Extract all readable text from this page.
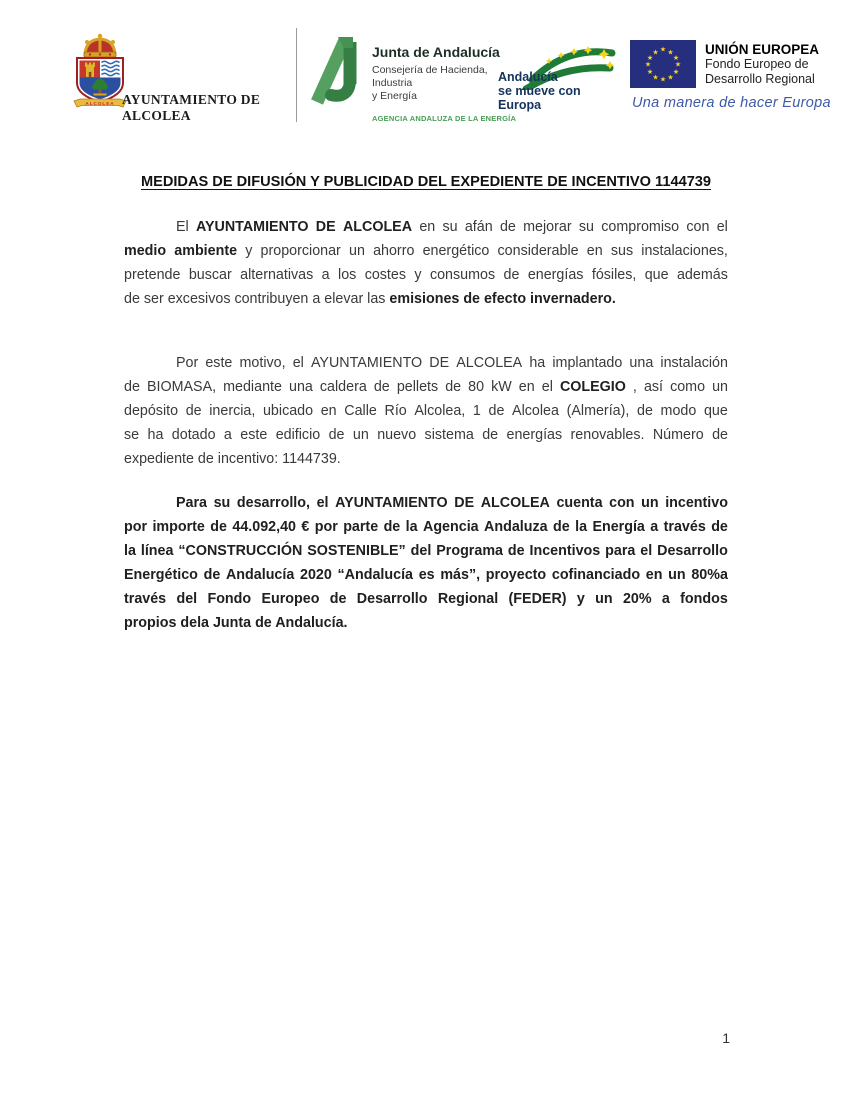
ALCOLEA AYUNTAMIENTO DE ALCOLEA
Junta de Andalucía
Consejería de Hacienda, Industria
y Energía
AGENCIA ANDALUZA DE LA ENERGÍA
Andalucía
se mueve con Europa
★ ★
★
★
★
★
★
★
★
★
★
★	UNIÓN EUROPEA
Fondo Europeo de
Desarrollo Regional
Una manera de hacer Europa
MEDIDAS DE DIFUSIÓN Y PUBLICIDAD DEL EXPEDIENTE DE INCENTIVO 1144739
El AYUNTAMIENTO DE ALCOLEA en su afán de mejorar su compromiso con el
medio ambiente y proporcionar un ahorro energético considerable en sus instalaciones,
pretende buscar alternativas a los costes y consumos de energías fósiles, que además
de ser excesivos contribuyen a elevar las emisiones de efecto invernadero.
Por este motivo, el AYUNTAMIENTO DE ALCOLEA ha implantado una instalación
de BIOMASA, mediante una caldera de pellets de 80 kW en el COLEGIO , así como un
depósito de inercia, ubicado en Calle Río Alcolea, 1 de Alcolea (Almería), de modo que
se ha dotado a este edificio de un nuevo sistema de energías renovables. Número de
expediente de incentivo: 1144739.
Para su desarrollo, el AYUNTAMIENTO DE ALCOLEA cuenta con un incentivo
por importe de 44.092,40 € por parte de la Agencia Andaluza de la Energía a través de
la línea “CONSTRUCCIÓN SOSTENIBLE” del Programa de Incentivos para el Desarrollo
Energético de Andalucía 2020 “Andalucía es más”, proyecto cofinanciado en un 80%a
través del Fondo Europeo de Desarrollo Regional (FEDER) y un 20% a fondos
propios dela Junta de Andalucía.
1
